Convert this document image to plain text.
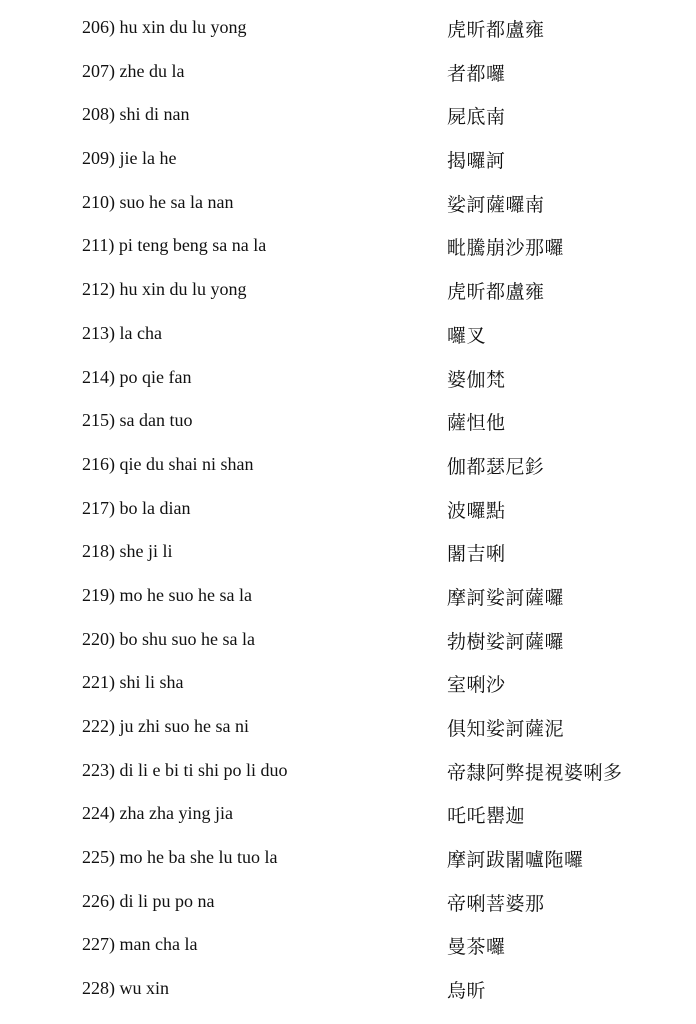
206) hu xin du lu yong	虎昕都盧雍
207) zhe du la	者都囉
208) shi di nan	屍底南
209) jie la he	揭囉訶
210) suo he sa la nan	娑訶薩囉南
211) pi teng beng sa na la	毗騰崩沙那囉
212) hu xin du lu yong	虎昕都盧雍
213) la cha	囉叉
214) po qie fan	婆伽梵
215) sa dan tuo	薩怛他
216) qie du shai ni shan	伽都瑟尼釤
217) bo la dian	波囉點
218) she ji li	闍吉唎
219) mo he suo he sa la	摩訶娑訶薩囉
220) bo shu suo he sa la	勃樹娑訶薩囉
221) shi li sha	室唎沙
222) ju zhi suo he sa ni	俱知娑訶薩泥
223) di li e bi ti shi po li duo	帝隸阿弊提視婆唎多
224) zha zha ying jia	吒吒罌迦
225) mo he ba she lu tuo la	摩訶跋闍嚧陁囉
226) di li pu po na	帝唎菩婆那
227) man cha la	曼茶囉
228) wu xin	烏昕
